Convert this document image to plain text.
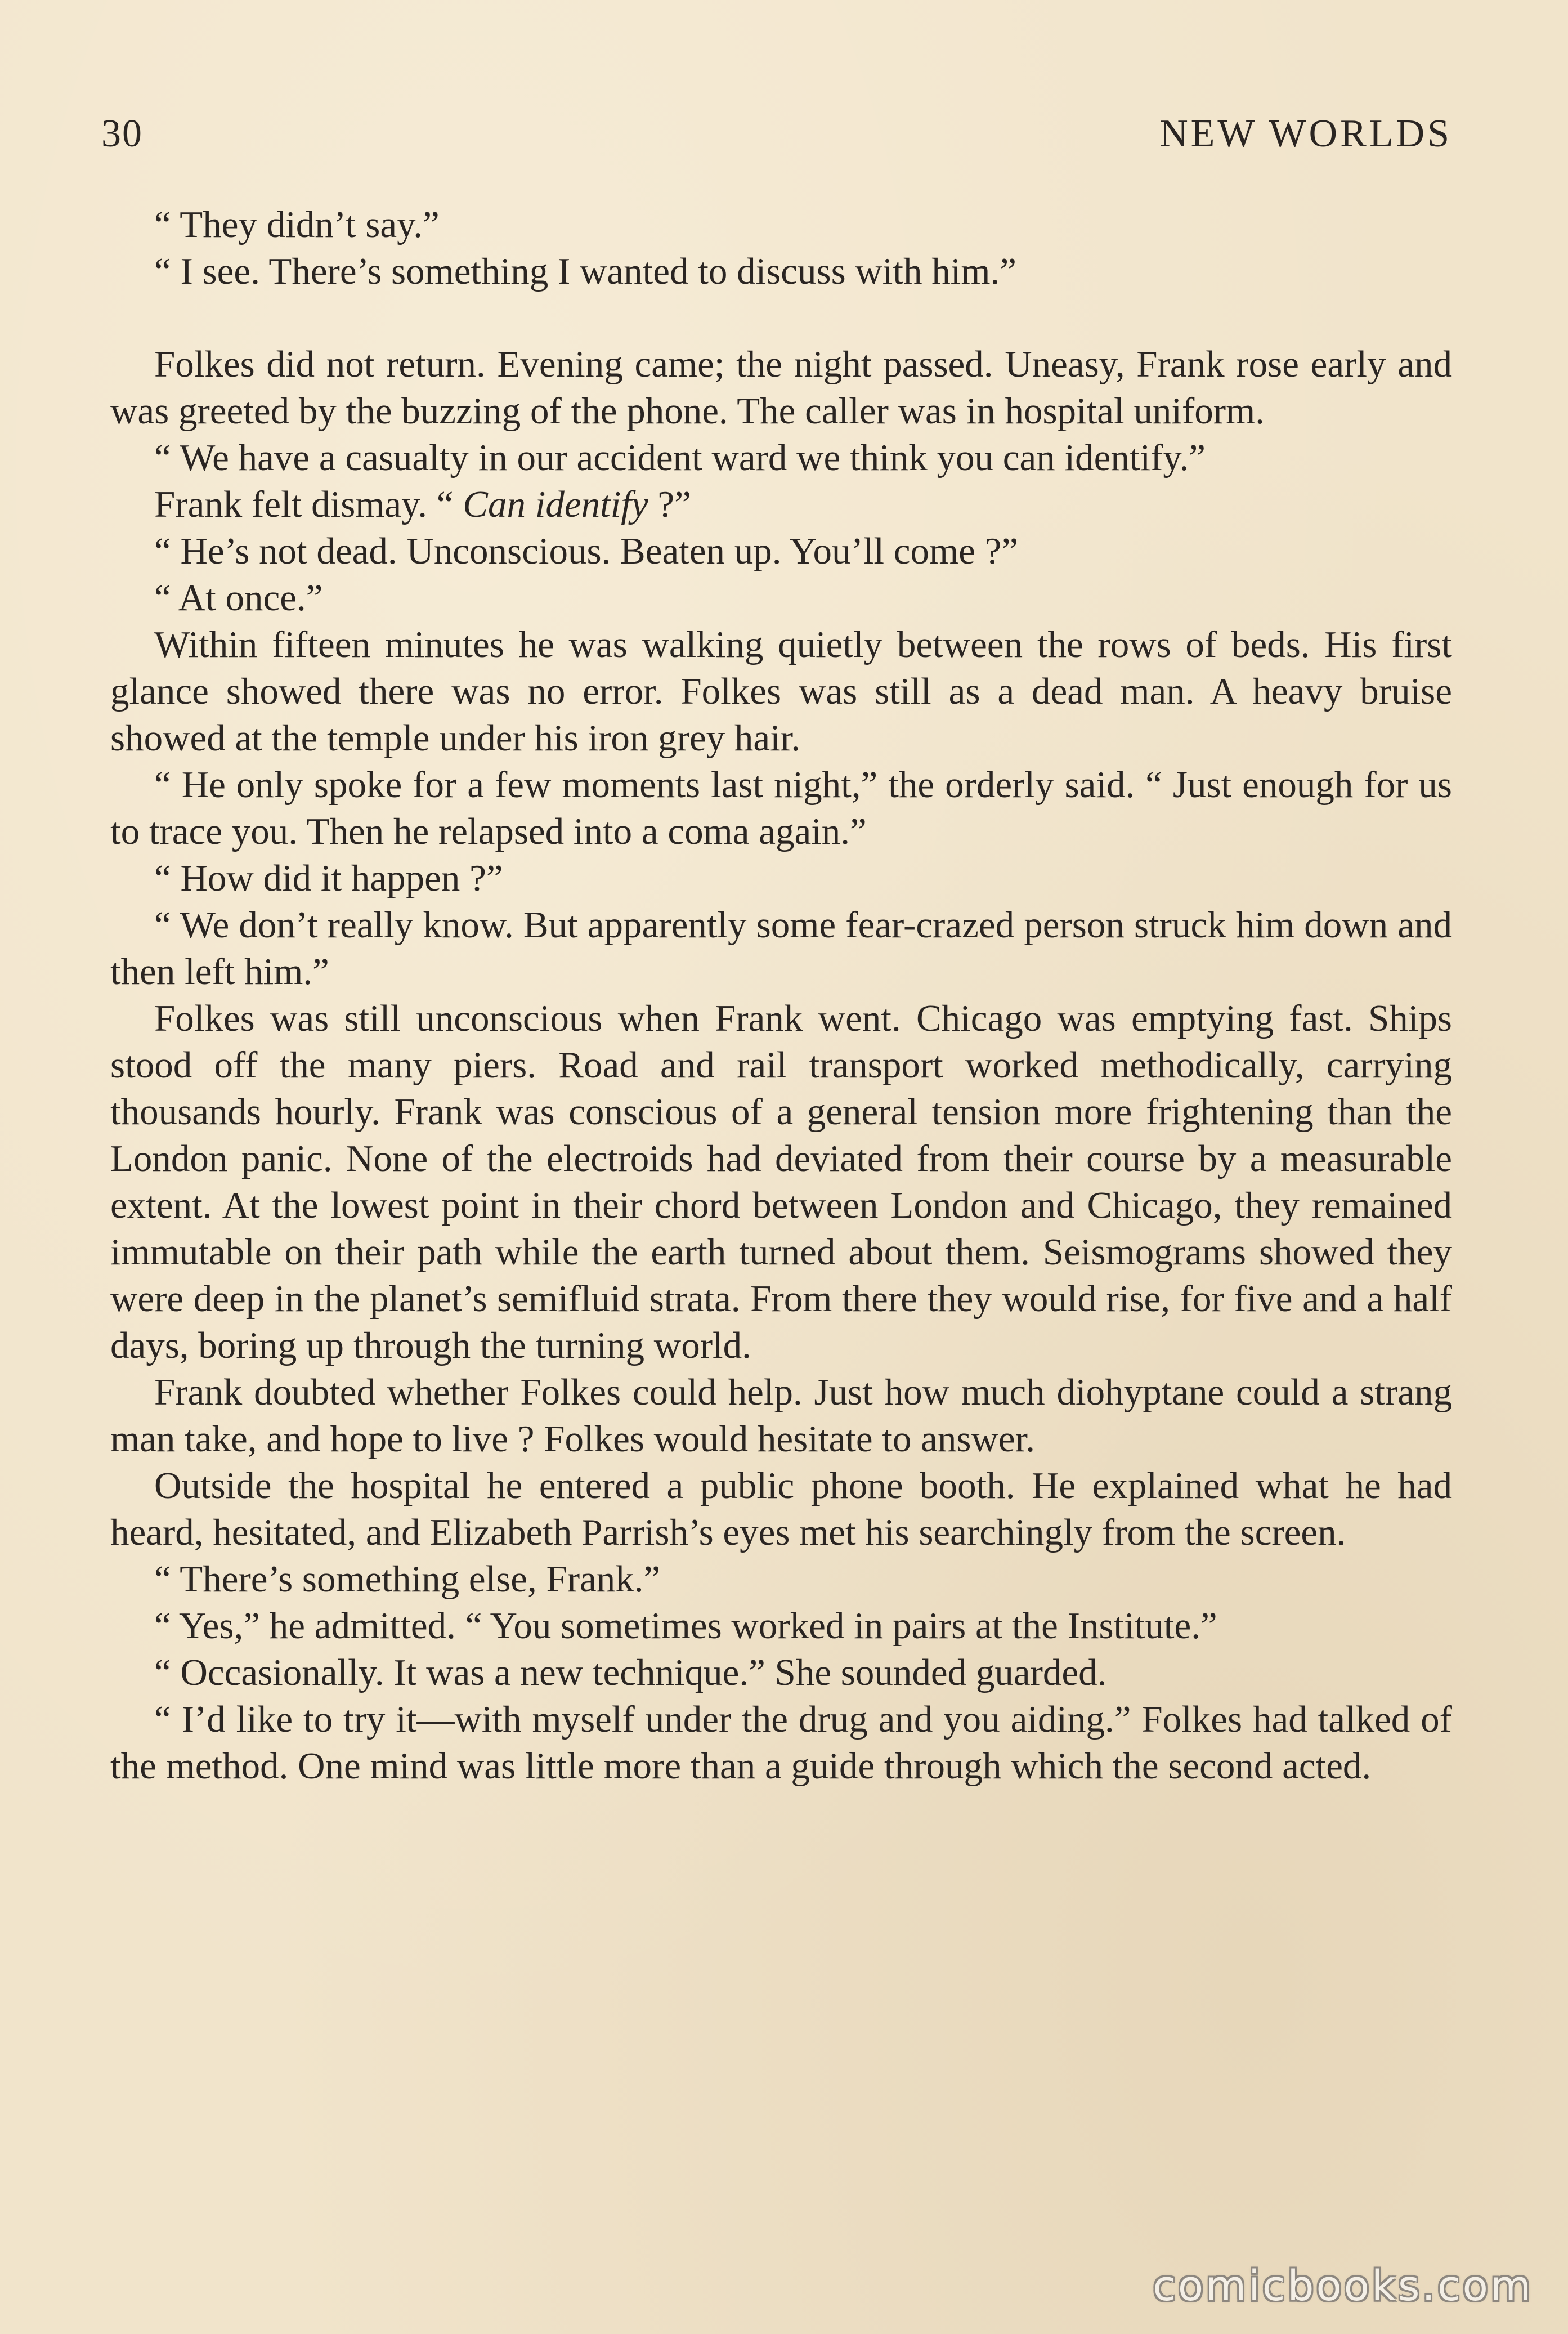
30	NEW WORLDS

“ They didn’t say.”

“ I see. There’s something I wanted to discuss with him.”

Folkes did not return. Evening came; the night passed. Uneasy, Frank rose early and was greeted by the buzzing of the phone. The caller was in hospital uniform.

“ We have a casualty in our accident ward we think you can identify.”

Frank felt dismay. “ Can identify ?”

“ He’s not dead. Unconscious. Beaten up. You’ll come ?”

“ At once.”

Within fifteen minutes he was walking quietly between the rows of beds. His first glance showed there was no error. Folkes was still as a dead man. A heavy bruise showed at the temple under his iron grey hair.

“ He only spoke for a few moments last night,” the orderly said. “ Just enough for us to trace you. Then he relapsed into a coma again.”

“ How did it happen ?”

“ We don’t really know. But apparently some fear-crazed person struck him down and then left him.”

Folkes was still unconscious when Frank went. Chicago was emptying fast. Ships stood off the many piers. Road and rail transport worked methodically, carrying thousands hourly. Frank was conscious of a general tension more frightening than the London panic. None of the electroids had deviated from their course by a measurable extent. At the lowest point in their chord between London and Chicago, they remained immutable on their path while the earth turned about them. Seismograms showed they were deep in the planet’s semifluid strata. From there they would rise, for five and a half days, boring up through the turning world.

Frank doubted whether Folkes could help. Just how much diohyptane could a strang man take, and hope to live ? Folkes would hesitate to answer.

Outside the hospital he entered a public phone booth. He explained what he had heard, hesitated, and Elizabeth Parrish’s eyes met his searchingly from the screen.

“ There’s something else, Frank.”

“ Yes,” he admitted. “ You sometimes worked in pairs at the Institute.”

“ Occasionally. It was a new technique.” She sounded guarded.

“ I’d like to try it—with myself under the drug and you aiding.” Folkes had talked of the method. One mind was little more than a guide through which the second acted.

comicbooks.com
